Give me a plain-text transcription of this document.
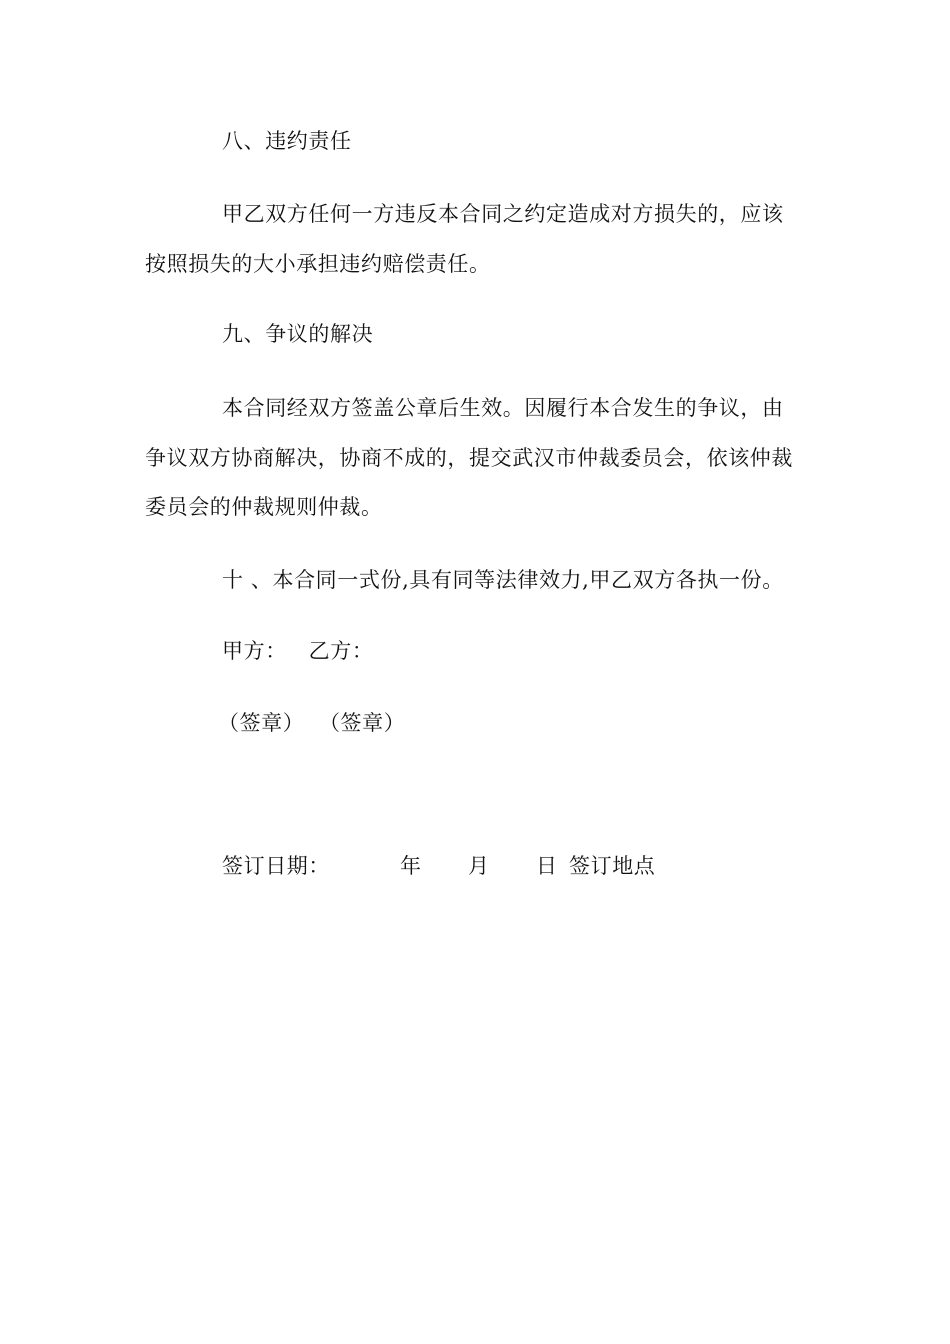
八、违约责任
甲乙双方任何一方违反本合同之约定造成对方损失的，应该
按照损失的大小承担违约赔偿责任。
九、争议的解决
本合同经双方签盖公章后生效。因履行本合发生的争议，由
争议双方协商解决，协商不成的，提交武汉市仲裁委员会，依该仲裁
委员会的仲裁规则仲裁。
十 、本合同一式份,具有同等法律效力,甲乙双方各执一份。
甲方：   乙方：
（签章）  （签章）
签订日期：	年 月 日 签订地点
